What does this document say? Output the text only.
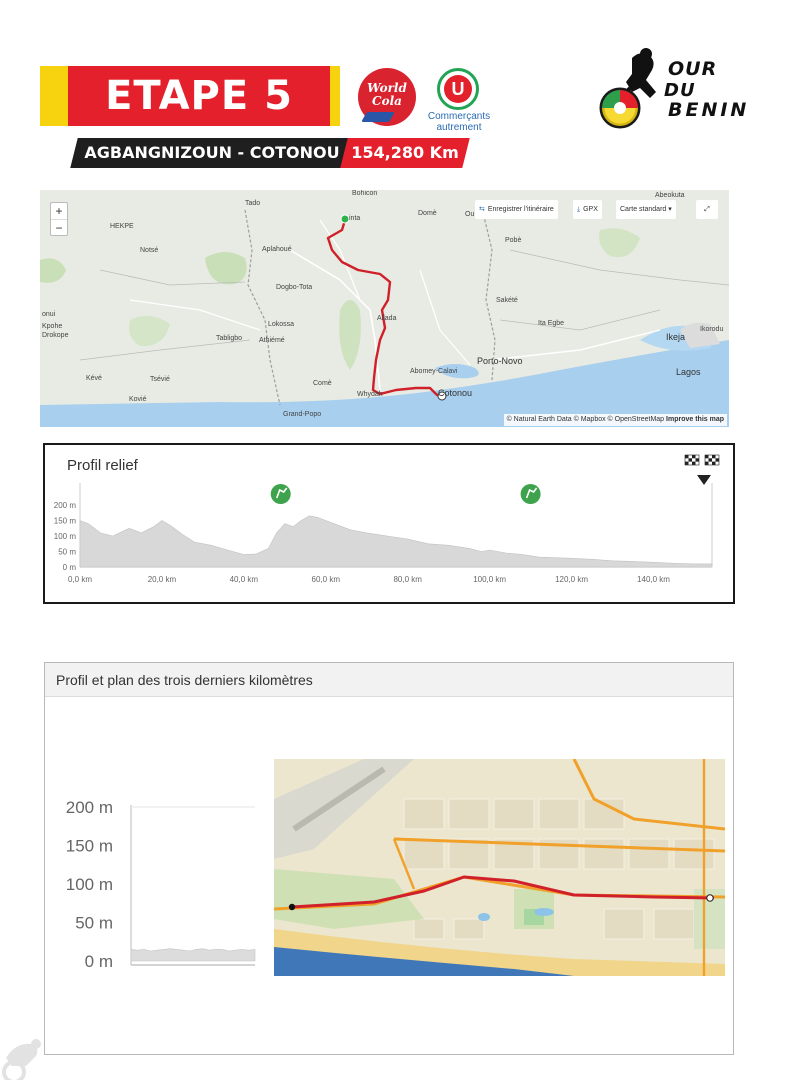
ETAPE 5
AGBANGNIZOUN - COTONOU 154,280 Km
World Cola
U
Commerçants
autrement
OUR
DU
BENIN
Bohicon
Tado
Abeokuta
Domè	Ou
inta
HEKPE
Notsé	Aplahoué
Pobè
Dogbo-Tota
Sakété
Allada
Ita Egbe
Ikorodu
Lokossa
onui
Kpohe
Drokope	Tabligbo Athiémé	Ikeja
Porto-Novo
Abomey-Calavi	Lagos
Kévé	Tsévié
Kovié
Comè
Whydah	Cotonou
Grand-Popo
+
−
⇆ Enregistrer l'itinéraire	⤓ GPX	Carte standard ▾	⤢
© Natural Earth Data © Mapbox © OpenStreetMap Improve this map
Profil relief
200 m
150 m
100 m
50 m
0 m
0,0 km	20,0 km	40,0 km	60,0 km	80,0 km	100,0 km	120,0 km	140,0 km
Profil et plan des trois derniers kilomètres
200 m
150 m
100 m
50 m
0 m
